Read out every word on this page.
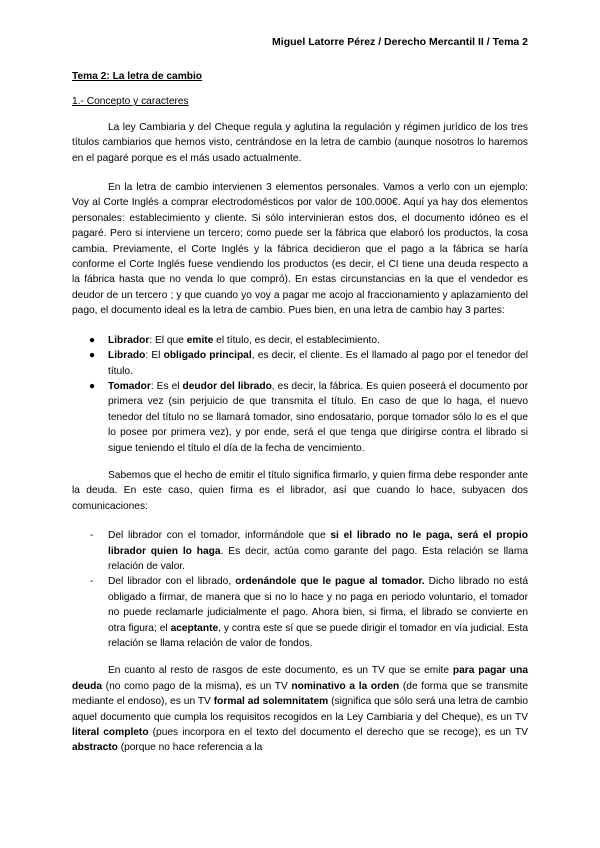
Miguel Latorre Pérez / Derecho Mercantil II / Tema 2
Tema 2: La letra de cambio
1.- Concepto y caracteres

La ley Cambiaria y del Cheque regula y aglutina la regulación y régimen jurídico de los tres títulos cambiarios que hemos visto, centrándose en la letra de cambio (aunque nosotros lo haremos en el pagaré porque es el más usado actualmente.

En la letra de cambio intervienen 3 elementos personales. Vamos a verlo con un ejemplo: Voy al Corte Inglés a comprar electrodomésticos por valor de 100.000€. Aquí ya hay dos elementos personales: establecimiento y cliente. Si sólo intervinieran estos dos, el documento idóneo es el pagaré. Pero si interviene un tercero; como puede ser la fábrica que elaboró los productos, la cosa cambia. Previamente, el Corte Inglés y la fábrica decidieron que el pago a la fábrica se haría conforme el Corte Inglés fuese vendiendo los productos (es decir, el CI tiene una deuda respecto a la fábrica hasta que no venda lo que compró). En estas circunstancias en la que el vendedor es deudor de un tercero ; y que cuando yo voy a pagar me acojo al fraccionamiento y aplazamiento del pago, el documento ideal es la letra de cambio. Pues bien, en una letra de cambio hay 3 partes:

● Librador: El que emite el título, es decir, el establecimiento.
● Librado: El obligado principal, es decir, el cliente. Es el llamado al pago por el tenedor del título.
● Tomador: Es el deudor del librado, es decir, la fábrica. Es quien poseerá el documento por primera vez (sin perjuicio de que transmita el título. En caso de que lo haga, el nuevo tenedor del título no se llamará tomador, sino endosatario, porque tomador sólo lo es el que lo posee por primera vez), y por ende, será el que tenga que dirigirse contra el librado si sigue teniendo el título el día de la fecha de vencimiento.

Sabemos que el hecho de emitir el título significa firmarlo, y quien firma debe responder ante la deuda. En este caso, quien firma es el librador, así que cuando lo hace, subyacen dos comunicaciones:

- Del librador con el tomador, informándole que si el librado no le paga, será el propio librador quien lo haga. Es decir, actúa como garante del pago. Esta relación se llama relación de valor.
- Del librador con el librado, ordenándole que le pague al tomador. Dicho librado no está obligado a firmar, de manera que si no lo hace y no paga en periodo voluntario, el tomador no puede reclamarle judicialmente el pago. Ahora bien, si firma, el librado se convierte en otra figura; el aceptante, y contra este sí que se puede dirigir el tomador en vía judicial. Esta relación se llama relación de valor de fondos.

En cuanto al resto de rasgos de este documento, es un TV que se emite para pagar una deuda (no como pago de la misma), es un TV nominativo a la orden (de forma que se transmite mediante el endoso), es un TV formal ad solemnitatem (significa que sólo será una letra de cambio aquel documento que cumpla los requisitos recogidos en la Ley Cambiaria y del Cheque), es un TV literal completo (pues incorpora en el texto del documento el derecho que se recoge), es un TV abstracto (porque no hace referencia a la
